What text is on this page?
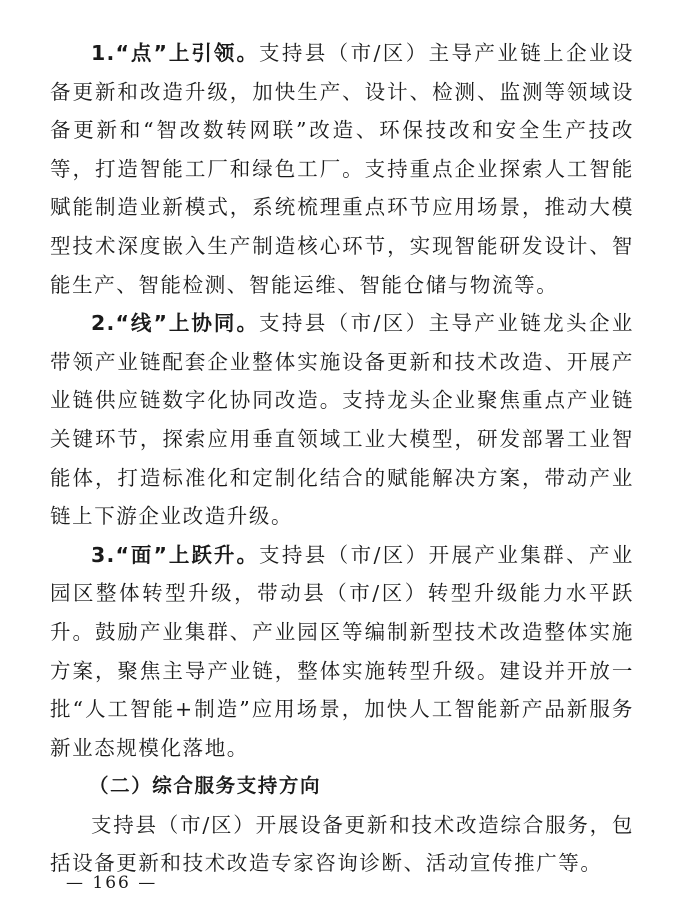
1.“点”上引领。支持县（市/区）主导产业链上企业设备更新和改造升级，加快生产、设计、检测、监测等领域设备更新和“智改数转网联”改造、环保技改和安全生产技改等，打造智能工厂和绿色工厂。支持重点企业探索人工智能赋能制造业新模式，系统梳理重点环节应用场景，推动大模型技术深度嵌入生产制造核心环节，实现智能研发设计、智能生产、智能检测、智能运维、智能仓储与物流等。

2.“线”上协同。支持县（市/区）主导产业链龙头企业带领产业链配套企业整体实施设备更新和技术改造、开展产业链供应链数字化协同改造。支持龙头企业聚焦重点产业链关键环节，探索应用垂直领域工业大模型，研发部署工业智能体，打造标准化和定制化结合的赋能解决方案，带动产业链上下游企业改造升级。

3.“面”上跃升。支持县（市/区）开展产业集群、产业园区整体转型升级，带动县（市/区）转型升级能力水平跃升。鼓励产业集群、产业园区等编制新型技术改造整体实施方案，聚焦主导产业链，整体实施转型升级。建设并开放一批“人工智能+制造”应用场景，加快人工智能新产品新服务新业态规模化落地。

（二）综合服务支持方向

支持县（市/区）开展设备更新和技术改造综合服务，包括设备更新和技术改造专家咨询诊断、活动宣传推广等。

— 166 —
